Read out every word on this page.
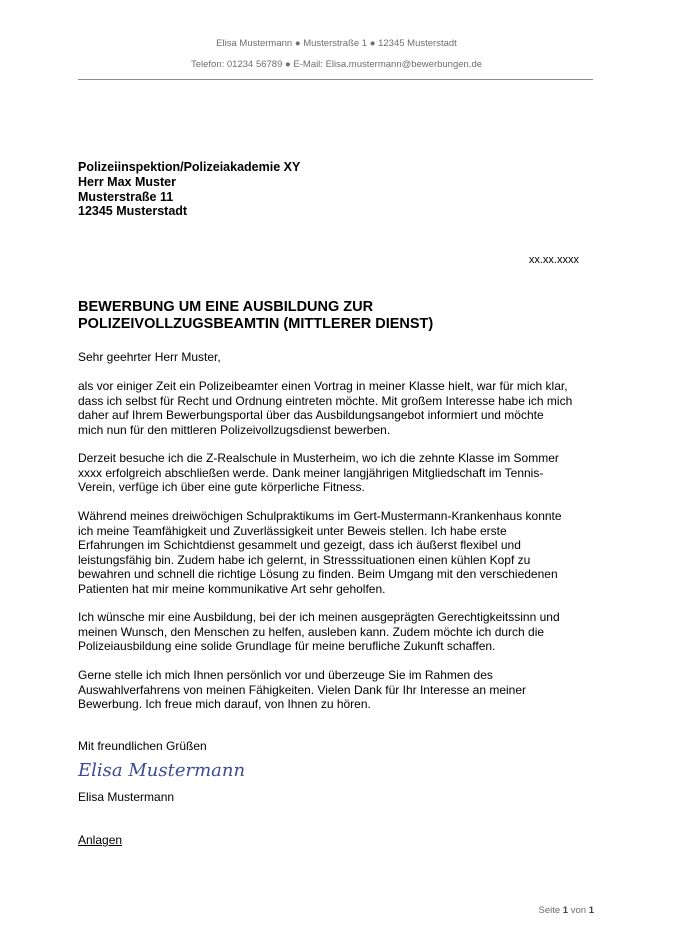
Elisa Mustermann ● Musterstraße 1 ● 12345 Musterstadt
Telefon: 01234 56789 ● E-Mail: Elisa.mustermann@bewerbungen.de
Polizeiinspektion/Polizeiakademie XY
Herr Max Muster
Musterstraße 11
12345 Musterstadt
xx.xx.xxxx
BEWERBUNG UM EINE AUSBILDUNG ZUR
POLIZEIVOLLZUGSBEAMTIN (MITTLERER DIENST)
Sehr geehrter Herr Muster,
als vor einiger Zeit ein Polizeibeamter einen Vortrag in meiner Klasse hielt, war für mich klar,
dass ich selbst für Recht und Ordnung eintreten möchte. Mit großem Interesse habe ich mich
daher auf Ihrem Bewerbungsportal über das Ausbildungsangebot informiert und möchte
mich nun für den mittleren Polizeivollzugsdienst bewerben.
Derzeit besuche ich die Z-Realschule in Musterheim, wo ich die zehnte Klasse im Sommer
xxxx erfolgreich abschließen werde. Dank meiner langjährigen Mitgliedschaft im Tennis-
Verein, verfüge ich über eine gute körperliche Fitness.
Während meines dreiwöchigen Schulpraktikums im Gert-Mustermann-Krankenhaus konnte
ich meine Teamfähigkeit und Zuverlässigkeit unter Beweis stellen. Ich habe erste
Erfahrungen im Schichtdienst gesammelt und gezeigt, dass ich äußerst flexibel und
leistungsfähig bin. Zudem habe ich gelernt, in Stresssituationen einen kühlen Kopf zu
bewahren und schnell die richtige Lösung zu finden. Beim Umgang mit den verschiedenen
Patienten hat mir meine kommunikative Art sehr geholfen.
Ich wünsche mir eine Ausbildung, bei der ich meinen ausgeprägten Gerechtigkeitssinn und
meinen Wunsch, den Menschen zu helfen, ausleben kann. Zudem möchte ich durch die
Polizeiausbildung eine solide Grundlage für meine berufliche Zukunft schaffen.
Gerne stelle ich mich Ihnen persönlich vor und überzeuge Sie im Rahmen des
Auswahlverfahrens von meinen Fähigkeiten. Vielen Dank für Ihr Interesse an meiner
Bewerbung. Ich freue mich darauf, von Ihnen zu hören.
Mit freundlichen Grüßen
Elisa Mustermann
Elisa Mustermann
Anlagen
Seite 1 von 1
